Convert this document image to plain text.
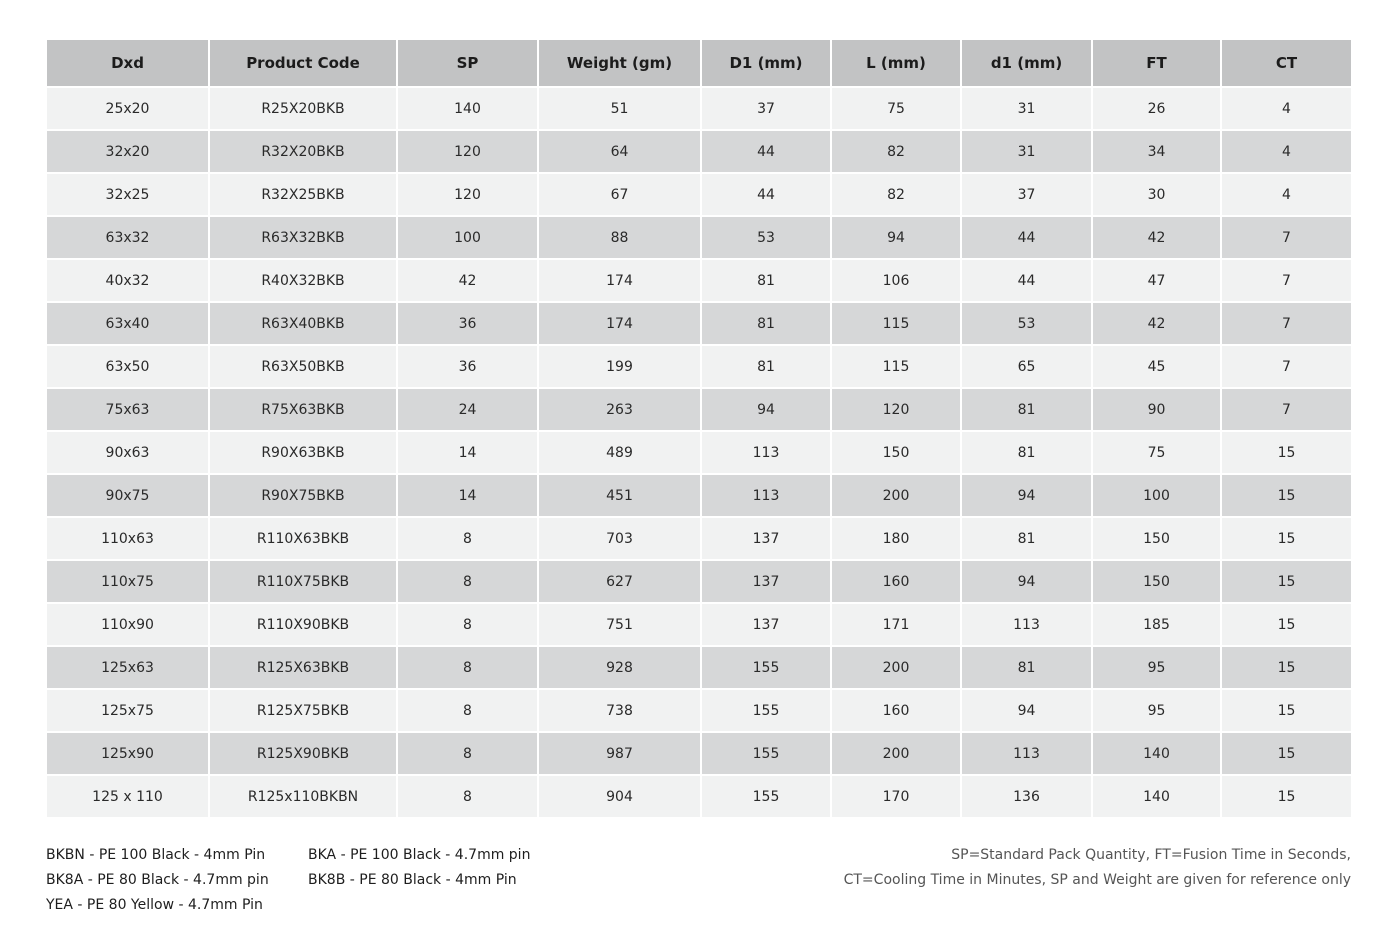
Dxd	Product Code	SP	Weight (gm)	D1 (mm)	L (mm)	d1 (mm)	FT	CT
25x20	R25X20BKB	140	51	37	75	31	26	4
32x20	R32X20BKB	120	64	44	82	31	34	4
32x25	R32X25BKB	120	67	44	82	37	30	4
63x32	R63X32BKB	100	88	53	94	44	42	7
40x32	R40X32BKB	42	174	81	106	44	47	7
63x40	R63X40BKB	36	174	81	115	53	42	7
63x50	R63X50BKB	36	199	81	115	65	45	7
75x63	R75X63BKB	24	263	94	120	81	90	7
90x63	R90X63BKB	14	489	113	150	81	75	15
90x75	R90X75BKB	14	451	113	200	94	100	15
110x63	R110X63BKB	8	703	137	180	81	150	15
110x75	R110X75BKB	8	627	137	160	94	150	15
110x90	R110X90BKB	8	751	137	171	113	185	15
125x63	R125X63BKB	8	928	155	200	81	95	15
125x75	R125X75BKB	8	738	155	160	94	95	15
125x90	R125X90BKB	8	987	155	200	113	140	15
125 x 110	R125x110BKBN	8	904	155	170	136	140	15
BKBN - PE 100 Black - 4mm Pin
BK8A - PE 80 Black - 4.7mm pin
YEA - PE 80 Yellow - 4.7mm Pin
BKA - PE 100 Black - 4.7mm pin
BK8B - PE 80 Black - 4mm Pin
SP=Standard Pack Quantity, FT=Fusion Time in Seconds,
CT=Cooling Time in Minutes, SP and Weight are given for reference only
